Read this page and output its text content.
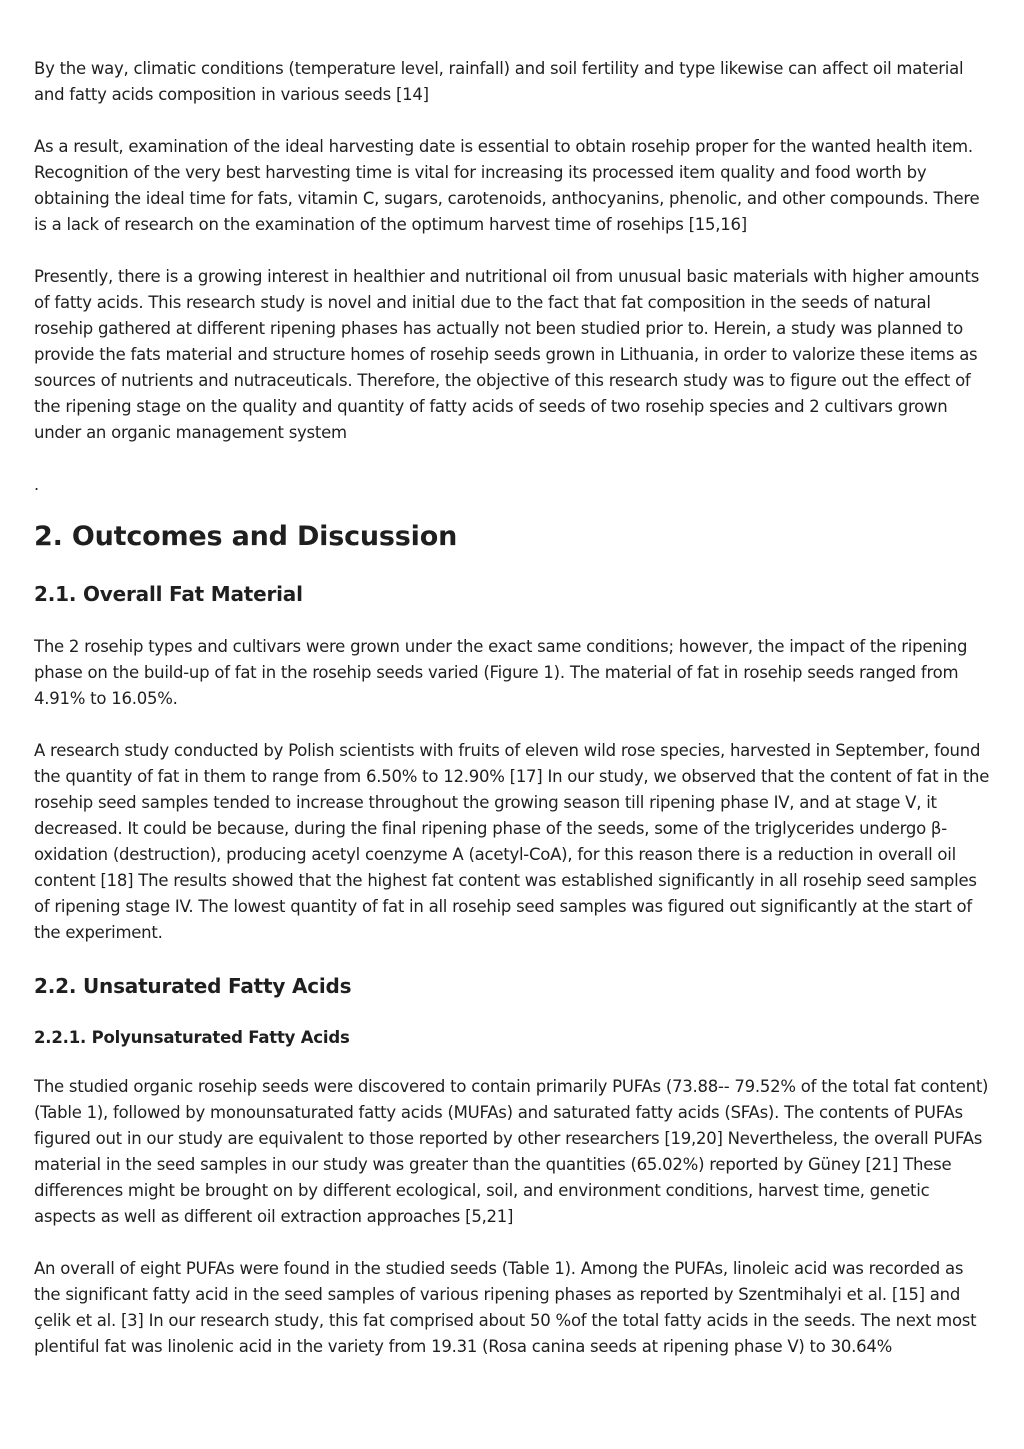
By the way, climatic conditions (temperature level, rainfall) and soil fertility and type likewise can affect oil material and fatty acids composition in various seeds [14]

As a result, examination of the ideal harvesting date is essential to obtain rosehip proper for the wanted health item. Recognition of the very best harvesting time is vital for increasing its processed item quality and food worth by obtaining the ideal time for fats, vitamin C, sugars, carotenoids, anthocyanins, phenolic, and other compounds. There is a lack of research on the examination of the optimum harvest time of rosehips [15,16]

Presently, there is a growing interest in healthier and nutritional oil from unusual basic materials with higher amounts of fatty acids. This research study is novel and initial due to the fact that fat composition in the seeds of natural rosehip gathered at different ripening phases has actually not been studied prior to. Herein, a study was planned to provide the fats material and structure homes of rosehip seeds grown in Lithuania, in order to valorize these items as sources of nutrients and nutraceuticals. Therefore, the objective of this research study was to figure out the effect of the ripening stage on the quality and quantity of fatty acids of seeds of two rosehip species and 2 cultivars grown under an organic management system

.

2. Outcomes and Discussion
2.1. Overall Fat Material

The 2 rosehip types and cultivars were grown under the exact same conditions; however, the impact of the ripening phase on the build-up of fat in the rosehip seeds varied (Figure 1). The material of fat in rosehip seeds ranged from 4.91% to 16.05%.

A research study conducted by Polish scientists with fruits of eleven wild rose species, harvested in September, found the quantity of fat in them to range from 6.50% to 12.90% [17] In our study, we observed that the content of fat in the rosehip seed samples tended to increase throughout the growing season till ripening phase IV, and at stage V, it decreased. It could be because, during the final ripening phase of the seeds, some of the triglycerides undergo β-oxidation (destruction), producing acetyl coenzyme A (acetyl-CoA), for this reason there is a reduction in overall oil content [18] The results showed that the highest fat content was established significantly in all rosehip seed samples of ripening stage IV. The lowest quantity of fat in all rosehip seed samples was figured out significantly at the start of the experiment.

2.2. Unsaturated Fatty Acids
2.2.1. Polyunsaturated Fatty Acids

The studied organic rosehip seeds were discovered to contain primarily PUFAs (73.88-- 79.52% of the total fat content) (Table 1), followed by monounsaturated fatty acids (MUFAs) and saturated fatty acids (SFAs). The contents of PUFAs figured out in our study are equivalent to those reported by other researchers [19,20] Nevertheless, the overall PUFAs material in the seed samples in our study was greater than the quantities (65.02%) reported by Güney [21] These differences might be brought on by different ecological, soil, and environment conditions, harvest time, genetic aspects as well as different oil extraction approaches [5,21]

An overall of eight PUFAs were found in the studied seeds (Table 1). Among the PUFAs, linoleic acid was recorded as the significant fatty acid in the seed samples of various ripening phases as reported by Szentmihalyi et al. [15] and çelik et al. [3] In our research study, this fat comprised about 50 %of the total fatty acids in the seeds. The next most plentiful fat was linolenic acid in the variety from 19.31 (Rosa canina seeds at ripening phase V) to 30.64%
